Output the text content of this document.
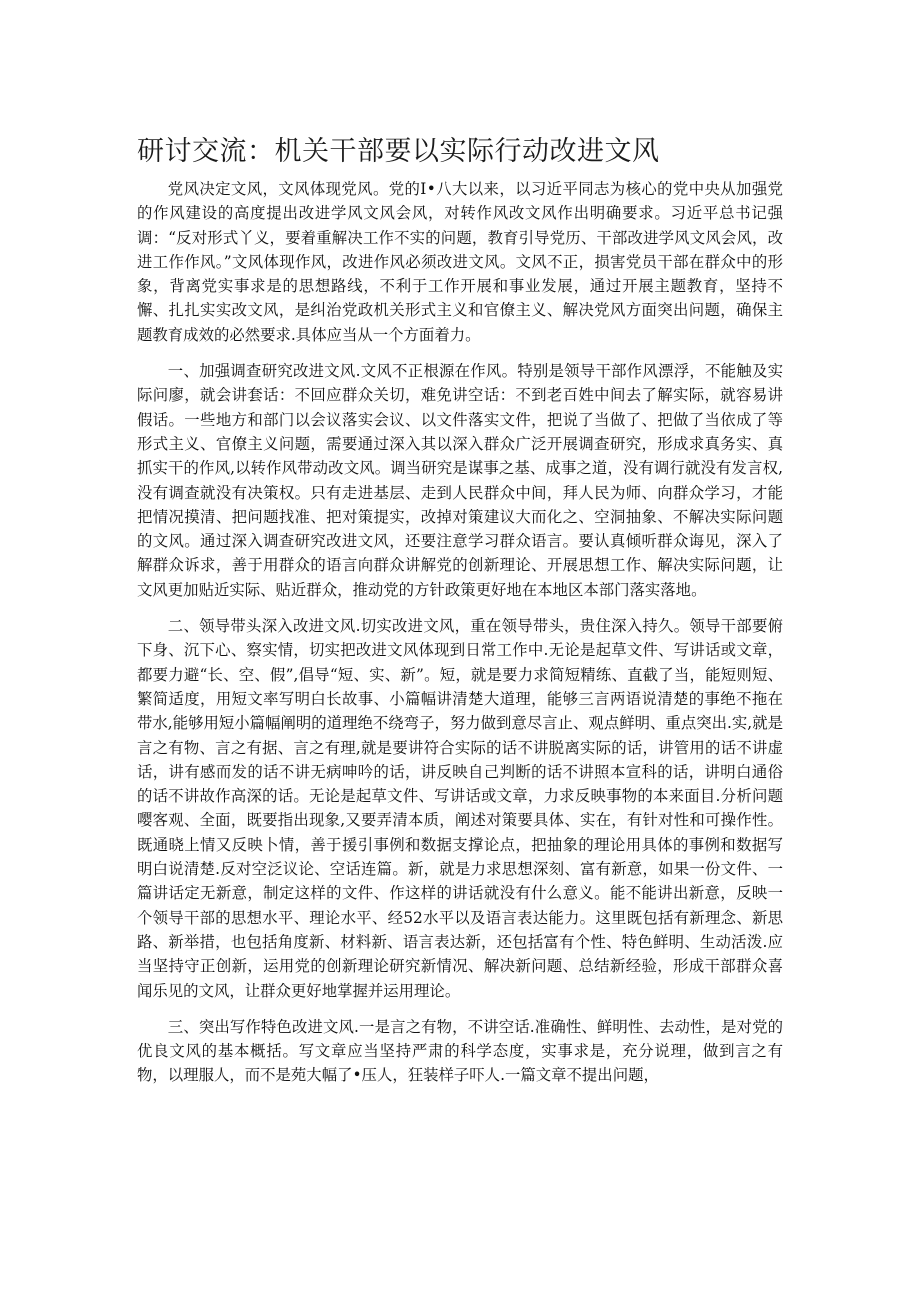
研讨交流：机关干部要以实际行动改进文风

党风决定文风，文风体现党风。党的Ⅰ•八大以来，以习近平同志为核心的党中央从加强党的作风建设的高度提出改进学风文风会风，对转作风改文风作出明确要求。习近平总书记强调：“反对形式丫义，要着重解决工作不实的问题，教育引导党历、干部改进学风文风会风，改进工作作风。”文风体现作风，改进作风必须改进文风。文风不正，损害党员干部在群众中的形象，背离党实事求是的思想路线，不利于工作开展和事业发展，通过开展主题教育，坚持不懈、扎扎实实改文风，是纠治党政机关形式主义和官僚主义、解决党风方面突出问题，确保主题教育成效的必然要求.具体应当从一个方面着力。

一、加强调查研究改进文风.文风不正根源在作风。特别是领导干部作风漂浮，不能触及实际问廖，就会讲套话：不回应群众关切，难免讲空话：不到老百姓中间去了解实际，就容易讲假话。一些地方和部门以会议落实会议、以文件落实文件，把说了当做了、把做了当依成了等形式主义、官僚主义问题，需要通过深入其以深入群众广泛开展调查研究，形成求真务实、真抓实干的作风,以转作风带动改文风。调当研究是谋事之基、成事之道，没有调行就没有发言权,没有调查就没有决策权。只有走进基层、走到人民群众中间，拜人民为师、向群众学习，才能把情况摸清、把问题找准、把对策提实，改掉对策建议大而化之、空洞抽象、不解决实际问题的文风。通过深入调查研究改进文风，还要注意学习群众语言。要认真倾听群众诲见，深入了解群众诉求，善于用群众的语言向群众讲解党的创新理论、开展思想工作、解决实际问题，让文风更加贴近实际、贴近群众，推动党的方针政策更好地在本地区本部门落实落地。

二、领导带头深入改进文风.切实改进文风，重在领导带头，贵住深入持久。领导干部要俯下身、沉下心、察实情，切实把改进文风体现到日常工作中.无论是起草文件、写讲话或文章，都要力避“长、空、假”,倡导“短、实、新”。短，就是要力求简短精练、直截了当，能短则短、繁简适度，用短文率写明白长故事、小篇幅讲清楚大道理，能够三言两语说清楚的事绝不拖在带水,能够用短小篇幅阐明的道理绝不绕弯子，努力做到意尽言止、观点鲜明、重点突出.实,就是言之有物、言之有据、言之有理,就是要讲符合实际的话不讲脱离实际的话，讲管用的话不讲虚话，讲有感而发的话不讲无病呻吟的话，讲反映自己判断的话不讲照本宣科的话，讲明白通俗的话不讲故作高深的话。无论是起草文件、写讲话或文章，力求反映事物的本来面目.分析问题嘤客观、全面，既要指出现象,又要弄清本质，阐述对策要具体、实在，有针对性和可操作性。既通晓上情又反映卜情，善于援引事例和数据支撑论点，把抽象的理论用具体的事例和数据写明白说清楚.反对空泛议论、空话连篇。新，就是力求思想深刻、富有新意，如果一份文件、一篇讲话定无新意，制定这样的文件、作这样的讲话就没有什么意义。能不能讲出新意，反映一个领导干部的思想水平、理论水平、经52水平以及语言表达能力。这里既包括有新理念、新思路、新举措，也包括角度新、材料新、语言表达新，还包括富有个性、特色鲜明、生动活泼.应当坚持守正创新，运用党的创新理论研究新情况、解决新问题、总结新经验，形成干部群众喜闻乐见的文风，让群众更好地掌握并运用理论。

三、突出写作特色改进文风.一是言之有物，不讲空话.准确性、鲜明性、去动性，是对党的优良文风的基本概括。写文章应当坚持严肃的科学态度，实事求是，充分说理，做到言之有物，以理服人，而不是苑大幅了•压人，狂装样子吓人.一篇文章不提出问题，
